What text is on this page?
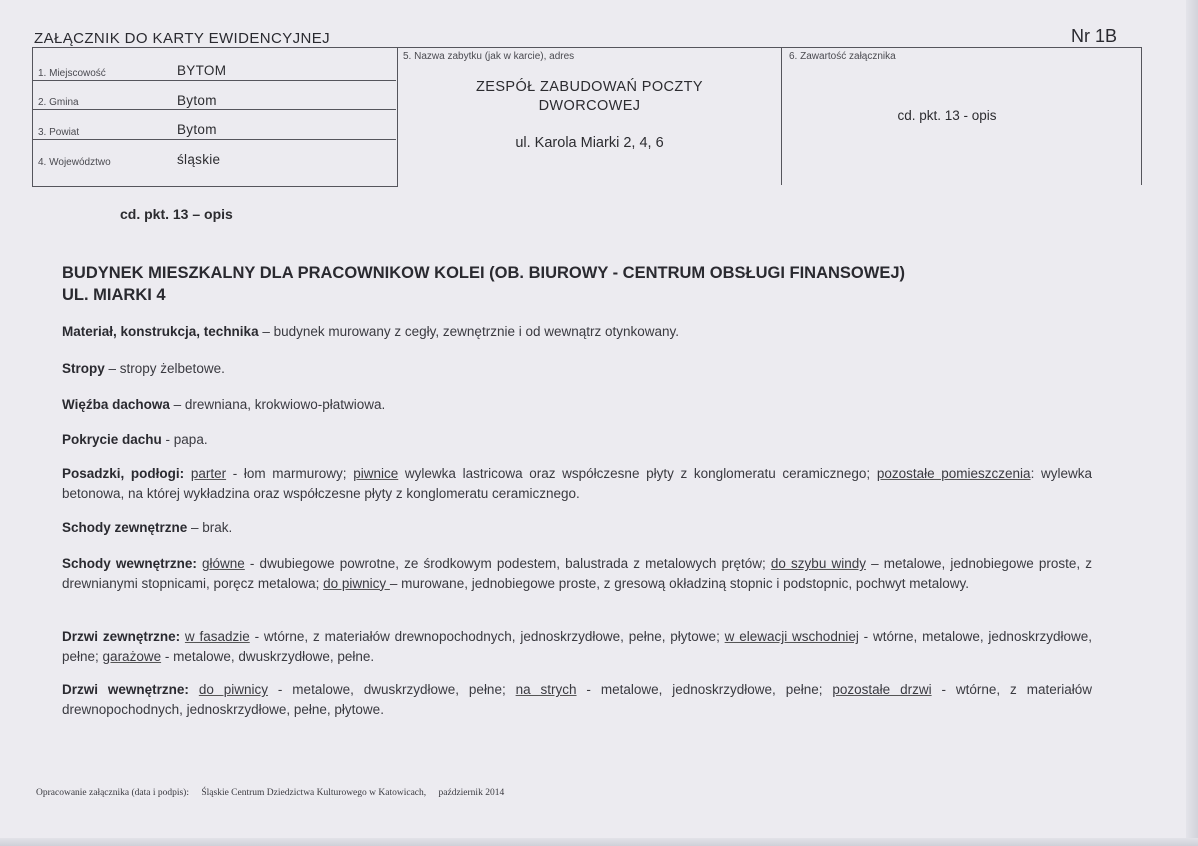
ZAŁĄCZNIK DO KARTY EWIDENCYJNEJ	Nr 1B
1. Miejscowość	BYTOM
2. Gmina	Bytom
3. Powiat	Bytom
4. Województwo	śląskie
5. Nazwa zabytku (jak w karcie), adres
ZESPÓŁ ZABUDOWAŃ POCZTY
DWORCOWEJ
ul. Karola Miarki 2, 4, 6
6. Zawartość załącznika
cd. pkt. 13 - opis
cd. pkt. 13 – opis
BUDYNEK MIESZKALNY DLA PRACOWNIKOW KOLEI (OB. BIUROWY - CENTRUM OBSŁUGI FINANSOWEJ)
UL. MIARKI 4
Materiał, konstrukcja, technika – budynek murowany z cegły, zewnętrznie i od wewnątrz otynkowany.
Stropy – stropy żelbetowe.
Więźba dachowa – drewniana, krokwiowo-płatwiowa.
Pokrycie dachu - papa.
Posadzki, podłogi: parter - łom marmurowy; piwnice wylewka lastricowa oraz współczesne płyty z konglomeratu ceramicznego; pozostałe pomieszczenia: wylewka betonowa, na której wykładzina oraz współczesne płyty z konglomeratu ceramicznego.
Schody zewnętrzne – brak.
Schody wewnętrzne: główne - dwubiegowe powrotne, ze środkowym podestem, balustrada z metalowych prętów; do szybu windy – metalowe, jednobiegowe proste, z drewnianymi stopnicami, poręcz metalowa; do piwnicy – murowane, jednobiegowe proste, z gresową okładziną stopnic i podstopnic, pochwyt metalowy.
Drzwi zewnętrzne: w fasadzie - wtórne, z materiałów drewnopochodnych, jednoskrzydłowe, pełne, płytowe; w elewacji wschodniej - wtórne, metalowe, jednoskrzydłowe, pełne; garażowe - metalowe, dwuskrzydłowe, pełne.
Drzwi wewnętrzne: do piwnicy - metalowe, dwuskrzydłowe, pełne; na strych - metalowe, jednoskrzydłowe, pełne; pozostałe drzwi - wtórne, z materiałów drewnopochodnych, jednoskrzydłowe, pełne, płytowe.
Opracowanie załącznika (data i podpis): Śląskie Centrum Dziedzictwa Kulturowego w Katowicach, październik 2014
